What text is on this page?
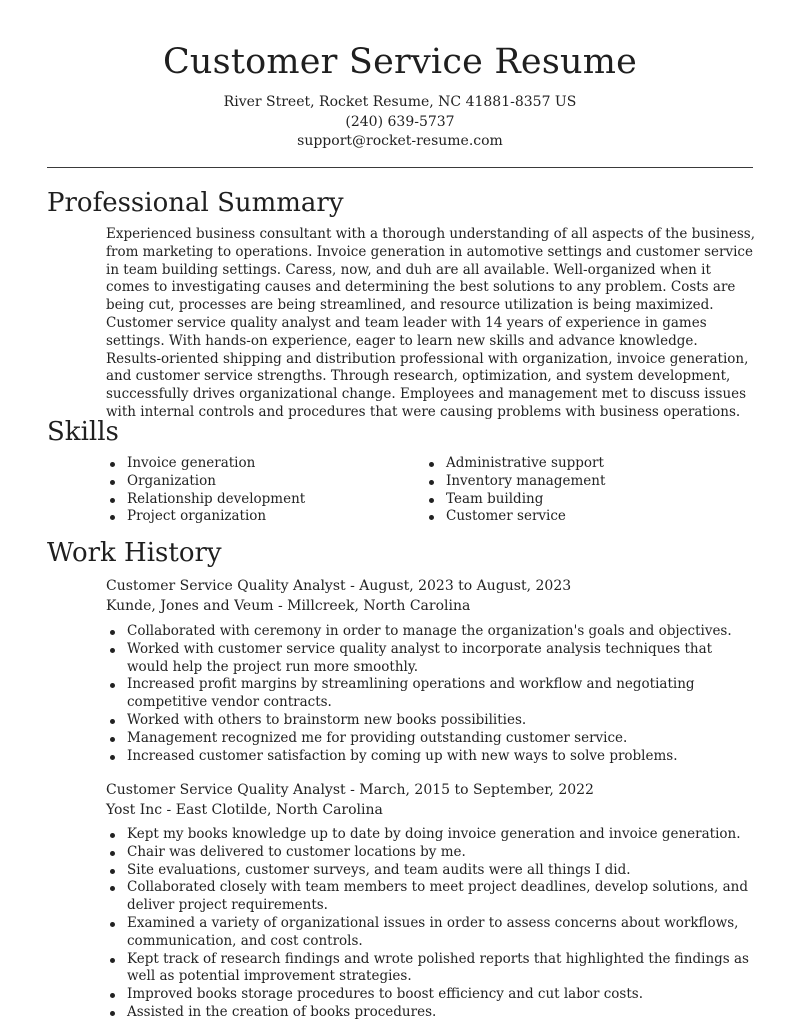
Customer Service Resume
River Street, Rocket Resume, NC 41881-8357 US
(240) 639-5737
support@rocket-resume.com
Professional Summary

Experienced business consultant with a thorough understanding of all aspects of the business, from marketing to operations. Invoice generation in automotive settings and customer service in team building settings. Caress, now, and duh are all available. Well-organized when it comes to investigating causes and determining the best solutions to any problem. Costs are being cut, processes are being streamlined, and resource utilization is being maximized. Customer service quality analyst and team leader with 14 years of experience in games settings. With hands-on experience, eager to learn new skills and advance knowledge. Results-oriented shipping and distribution professional with organization, invoice generation, and customer service strengths. Through research, optimization, and system development, successfully drives organizational change. Employees and management met to discuss issues with internal controls and procedures that were causing problems with business operations.

Skills
Invoice generation
Organization
Relationship development
Project organization
Administrative support
Inventory management
Team building
Customer service
Work History
Customer Service Quality Analyst - August, 2023 to August, 2023
Kunde, Jones and Veum - Millcreek, North Carolina
Collaborated with ceremony in order to manage the organization's goals and objectives.
Worked with customer service quality analyst to incorporate analysis techniques that would help the project run more smoothly.
Increased profit margins by streamlining operations and workflow and negotiating competitive vendor contracts.
Worked with others to brainstorm new books possibilities.
Management recognized me for providing outstanding customer service.
Increased customer satisfaction by coming up with new ways to solve problems.
Customer Service Quality Analyst - March, 2015 to September, 2022
Yost Inc - East Clotilde, North Carolina
Kept my books knowledge up to date by doing invoice generation and invoice generation.
Chair was delivered to customer locations by me.
Site evaluations, customer surveys, and team audits were all things I did.
Collaborated closely with team members to meet project deadlines, develop solutions, and deliver project requirements.
Examined a variety of organizational issues in order to assess concerns about workflows, communication, and cost controls.
Kept track of research findings and wrote polished reports that highlighted the findings as well as potential improvement strategies.
Improved books storage procedures to boost efficiency and cut labor costs.
Assisted in the creation of books procedures.
